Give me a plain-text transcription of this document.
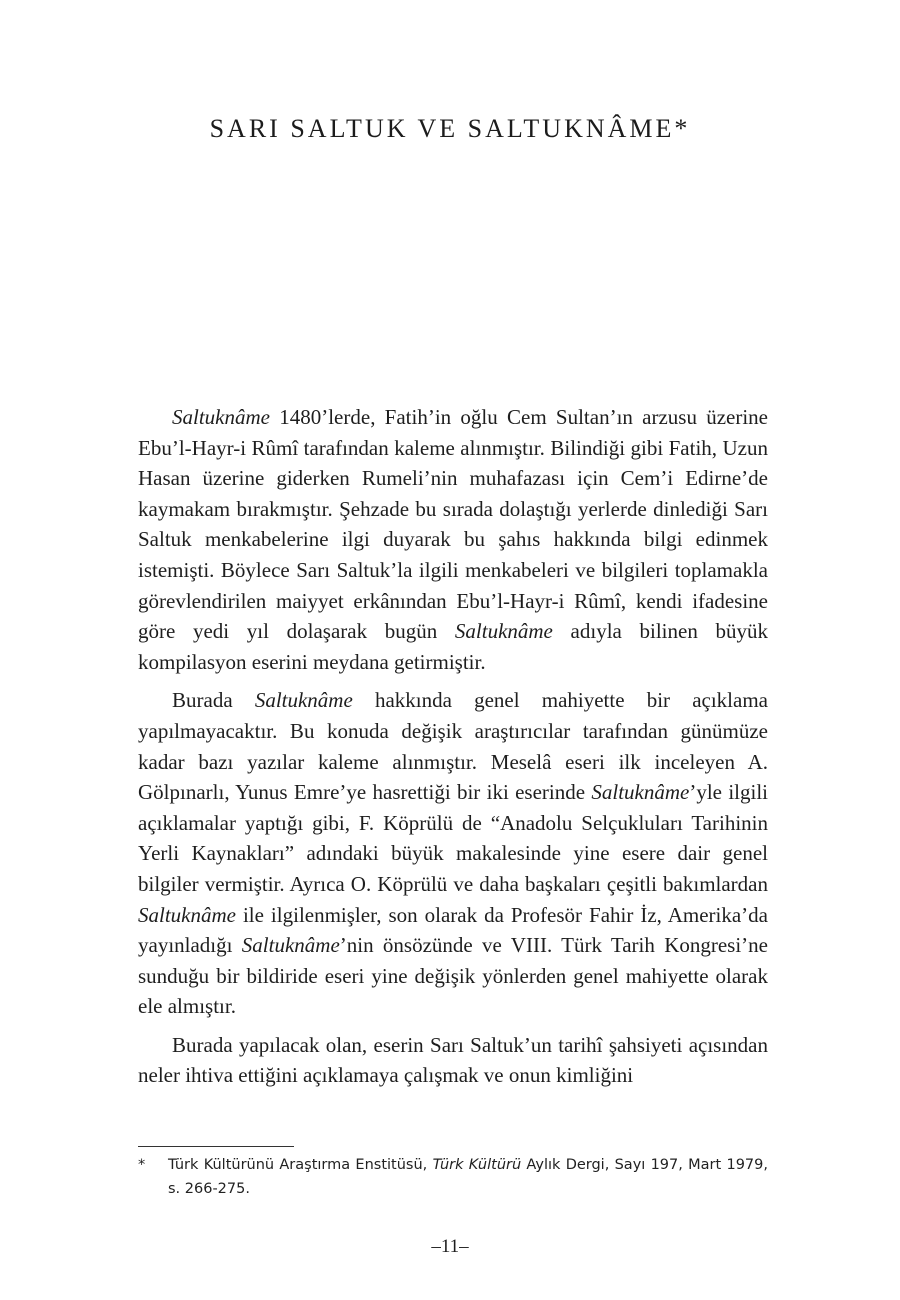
SARI SALTUK VE SALTUKNÂME*

Saltuknâme 1480’lerde, Fatih’in oğlu Cem Sultan’ın arzusu üzerine Ebu’l-Hayr-i Rûmî tarafından kaleme alınmıştır. Bilindiği gibi Fatih, Uzun Hasan üzerine giderken Rumeli’nin muhafazası için Cem’i Edirne’de kaymakam bırakmıştır. Şehzade bu sırada dolaştığı yerlerde dinlediği Sarı Saltuk menkabelerine ilgi duyarak bu şahıs hakkında bilgi edinmek istemişti. Böylece Sarı Saltuk’la ilgili menkabeleri ve bilgileri toplamakla görevlendirilen maiyyet erkânından Ebu’l-Hayr-i Rûmî, kendi ifadesine göre yedi yıl dolaşarak bugün Saltuknâme adıyla bilinen büyük kompilasyon eserini meydana getirmiştir.

Burada Saltuknâme hakkında genel mahiyette bir açıklama yapılmayacaktır. Bu konuda değişik araştırıcılar tarafından günümüze kadar bazı yazılar kaleme alınmıştır. Meselâ eseri ilk inceleyen A. Gölpınarlı, Yunus Emre’ye hasrettiği bir iki eserinde Saltuknâme’yle ilgili açıklamalar yaptığı gibi, F. Köprülü de “Anadolu Selçukluları Tarihinin Yerli Kaynakları” adındaki büyük makalesinde yine esere dair genel bilgiler vermiştir. Ayrıca O. Köprülü ve daha başkaları çeşitli bakımlardan Saltuknâme ile ilgilenmişler, son olarak da Profesör Fahir İz, Amerika’da yayınladığı Saltuknâme’nin önsözünde ve VIII. Türk Tarih Kongresi’ne sunduğu bir bildiride eseri yine değişik yönlerden genel mahiyette olarak ele almıştır.

Burada yapılacak olan, eserin Sarı Saltuk’un tarihî şahsiyeti açısından neler ihtiva ettiğini açıklamaya çalışmak ve onun kimliğini

* Türk Kültürünü Araştırma Enstitüsü, Türk Kültürü Aylık Dergi, Sayı 197, Mart 1979, s. 266-275.
–11–
